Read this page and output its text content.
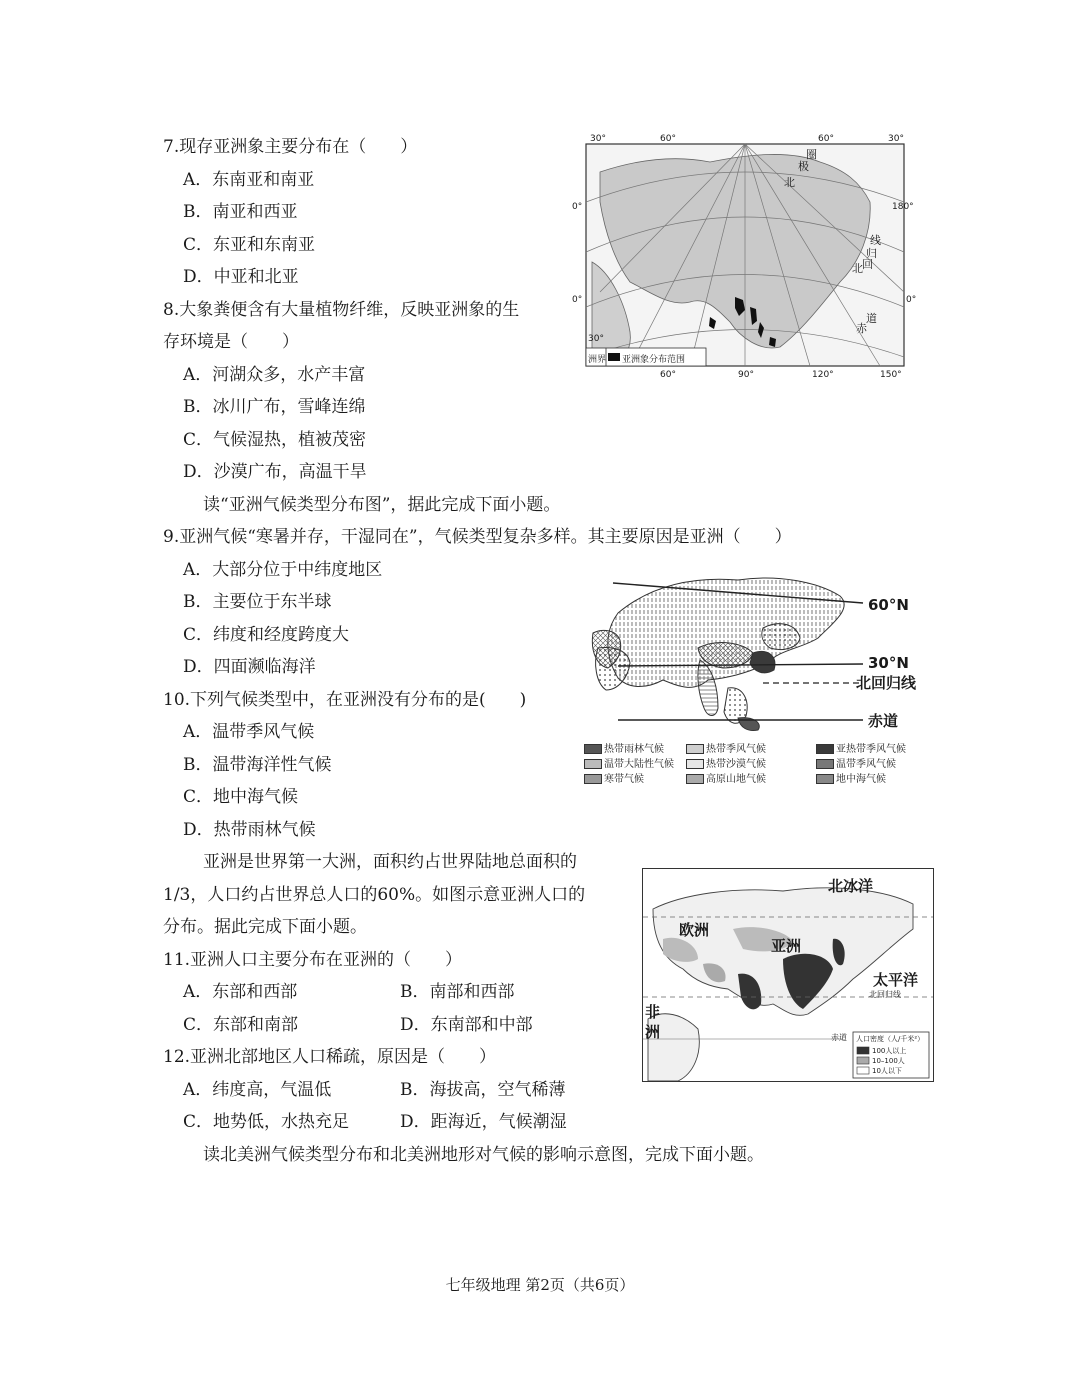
7.现存亚洲象主要分布在（　　）
A．东南亚和南亚
B．南亚和西亚
C．东亚和东南亚
D．中亚和北亚
8.大象粪便含有大量植物纤维，反映亚洲象的生
存环境是（　　）
A．河湖众多，水产丰富
B．冰川广布，雪峰连绵
C．气候湿热，植被茂密
D．沙漠广布，高温干旱
读“亚洲气候类型分布图”，据此完成下面小题。
9.亚洲气候“寒暑并存，干湿同在”，气候类型复杂多样。其主要原因是亚洲（　　）
A．大部分位于中纬度地区
B．主要位于东半球
C．纬度和经度跨度大
D．四面濒临海洋
10.下列气候类型中，在亚洲没有分布的是(　　)
A．温带季风气候
B．温带海洋性气候
C．地中海气候
D．热带雨林气候
亚洲是世界第一大洲，面积约占世界陆地总面积的
1/3，人口约占世界总人口的60%。如图示意亚洲人口的
分布。据此完成下面小题。
11.亚洲人口主要分布在亚洲的（　　）
A．东部和西部	B．南部和西部
C．东部和南部	D．东南部和中部
12.亚洲北部地区人口稀疏，原因是（　　）
A．纬度高，气温低	B．海拔高，空气稀薄
C．地势低，水热充足	D．距海近，气候潮湿
读北美洲气候类型分布和北美洲地形对气候的影响示意图，完成下面小题。
七年级地理 第2页（共6页）
30°	60°	60°	30°
60°	90°	120°	150°
0°
0°
30°
180°
0°
圈
极
北
线
归
回
北
道
赤
洲界 亚洲象分布范围
60°N
30°N
北回归线
赤道
热带雨林气候	热带季风气候	亚热带季风气候
温带大陆性气候	热带沙漠气候	温带季风气候
寒带气候	高原山地气候	地中海气候
北冰洋
欧洲
亚洲
太平洋
非
洲
北回归线
赤道 人口密度（人/千米²）
100人以上
10–100人
10人以下
